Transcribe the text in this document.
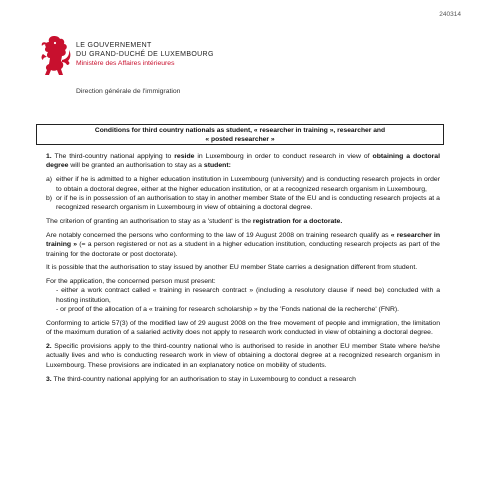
240314
LE GOUVERNEMENT
DU GRAND-DUCHÉ DE LUXEMBOURG
Ministère des Affaires intérieures
Direction générale de l'immigration
Conditions for third country nationals as student, « researcher in training », researcher and
« posted researcher »

1. The third-country national applying to reside in Luxembourg in order to conduct research in view of obtaining a doctoral degree will be granted an authorisation to stay as a student:

a) either if he is admitted to a higher education institution in Luxembourg (university) and is conducting research projects in order to obtain a doctoral degree, either at the higher education institution, or at a recognized research organism in Luxembourg,
b) or if he is in possession of an authorisation to stay in another member State of the EU and is conducting research projects at a recognized research organism in Luxembourg in view of obtaining a doctoral degree.

The criterion of granting an authorisation to stay as a 'student' is the registration for a doctorate.

Are notably concerned the persons who conforming to the law of 19 August 2008 on training research qualify as « researcher in training » (= a person registered or not as a student in a higher education institution, conducting research projects as part of the training for the doctorate or post doctorate).

It is possible that the authorisation to stay issued by another EU member State carries a designation different from student.

For the application, the concerned person must present:

- either a work contract called « training in research contract » (including a resolutory clause if need be) concluded with a hosting institution,
- or proof of the allocation of a « training for research scholarship » by the 'Fonds national de la recherche' (FNR).

Conforming to article 57(3) of the modified law of 29 august 2008 on the free movement of people and immigration, the limitation of the maximum duration of a salaried activity does not apply to research work conducted in view of obtaining a doctoral degree.

2. Specific provisions apply to the third-country national who is authorised to reside in another EU member State where he/she actually lives and who is conducting research work in view of obtaining a doctoral degree at a recognized research organism in Luxembourg. These provisions are indicated in an explanatory notice on mobility of students.

3. The third-country national applying for an authorisation to stay in Luxembourg to conduct a research
